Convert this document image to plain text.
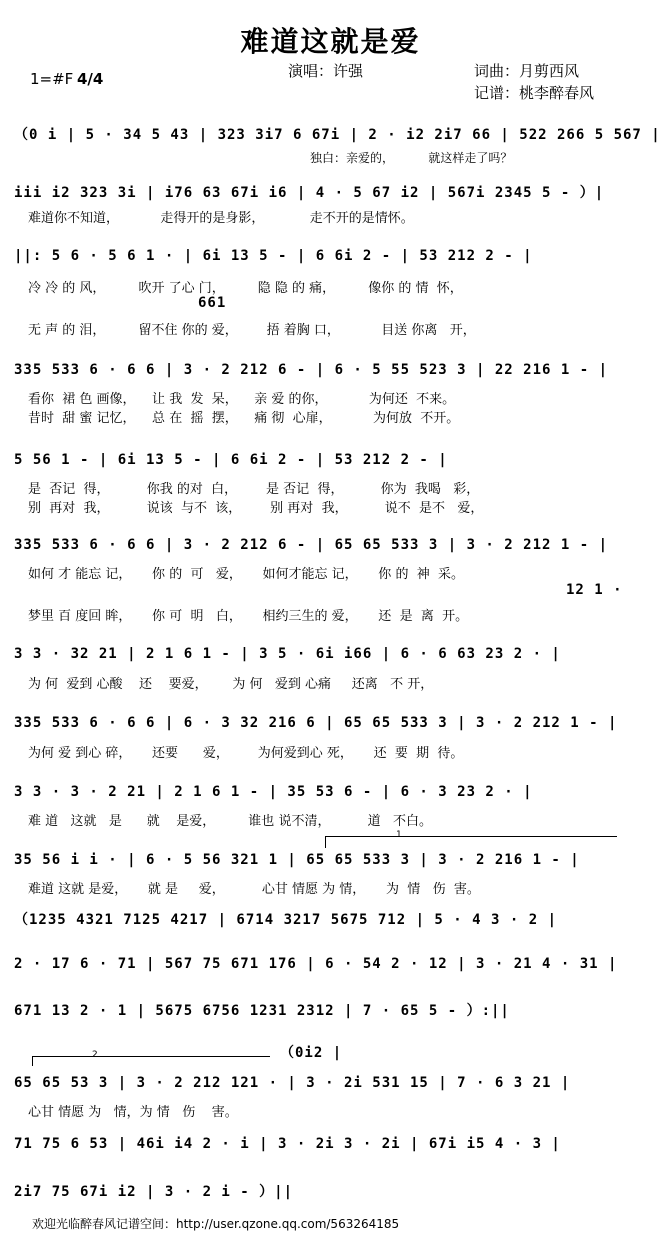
难道这就是爱
1=#F 4/4	演唱：许强	词曲：月剪西风
记谱：桃李醉春风
（0 i | 5 · 34 5 43 | 323 3i7 6 67i | 2 · i2 2i7 66 | 522 266 5 567 |
独白：亲爱的，         就这样走了吗？
iii i2 323 3i | i76 63 67i i6 | 4 · 5 67 i2 | 567i 2345 5 - ）|
难道你不知道，          走得开的是身影，           走不开的是情怀。
||: 5 6 · 5 6 1 · | 6i 13 5 - | 6 6i 2 - | 53 212 2 - |
冷 冷 的 风，        吹开 了心 门，        隐 隐 的 痛，        像你 的 情  怀，
661
无 声 的 泪，        留不住 你的 爱，       捂 着胸 口，          目送 你离   开，
335 533 6 · 6 6 | 3 · 2 212 6 - | 6 · 5 55 523 3 | 22 216 1 - |
看你  裙 色 画像，    让 我  发  呆，    亲 爱 的你，          为何还  不来。
昔时  甜 蜜 记忆，    总 在  摇  摆，    痛 彻  心扉，          为何放  不开。
5 56 1 - | 6i 13 5 - | 6 6i 2 - | 53 212 2 - |
是  否记  得，         你我 的对  白，       是 否记  得，         你为  我喝   彩，
别  再对  我，         说该  与不  该，       别 再对  我，         说不  是不   爱，
335 533 6 · 6 6 | 3 · 2 212 6 - | 65 65 533 3 | 3 · 2 212 1 - |
如何 才 能忘 记，     你 的  可   爱，     如何才能忘 记，     你 的  神  采。
12 1 ·
梦里 百 度回 眸，     你 可  明   白，     相约三生的 爱，     还  是  离  开。
3 3 · 32 21 | 2 1 6 1 - | 3 5 · 6i i66 | 6 · 6 63 23 2 · |
为 何  爱到 心酸    还    要爱，      为 何   爱到 心痛     还离   不 开，
335 533 6 · 6 6 | 6 · 3 32 216 6 | 65 65 533 3 | 3 · 2 212 1 - |
为何 爱 到心 碎，     还要      爱，       为何爱到心 死，     还  要  期  待。
3 3 · 3 · 2 21 | 2 1 6 1 - | 35 53 6 - | 6 · 3 23 2 · |
难 道   这就   是      就    是爱，        谁也 说不清，         道   不白。
1
35 56 i i · | 6 · 5 56 321 1 | 65 65 533 3 | 3 · 2 216 1 - |
难道 这就 是爱，     就 是     爱，         心甘 情愿 为 情，     为  情   伤  害。
（1235 4321 7125 4217 | 6714 3217 5675 712 | 5 · 4 3 · 2 |
2 · 17 6 · 71 | 567 75 671 176 | 6 · 54 2 · 12 | 3 · 21 4 · 31 |
671 13 2 · 1 | 5675 6756 1231 2312 | 7 · 65 5 - ）:||
2	（0i2 |
65 65 53 3 | 3 · 2 212 121 · | 3 · 2i 531 15 | 7 · 6 3 21 |
心甘 情愿 为   情，为 情   伤    害。
71 75 6 53 | 46i i4 2 · i | 3 · 2i 3 · 2i | 67i i5 4 · 3 |
2i7 75 67i i2 | 3 · 2 i - ）||
欢迎光临醉春风记谱空间：http://user.qzone.qq.com/563264185
